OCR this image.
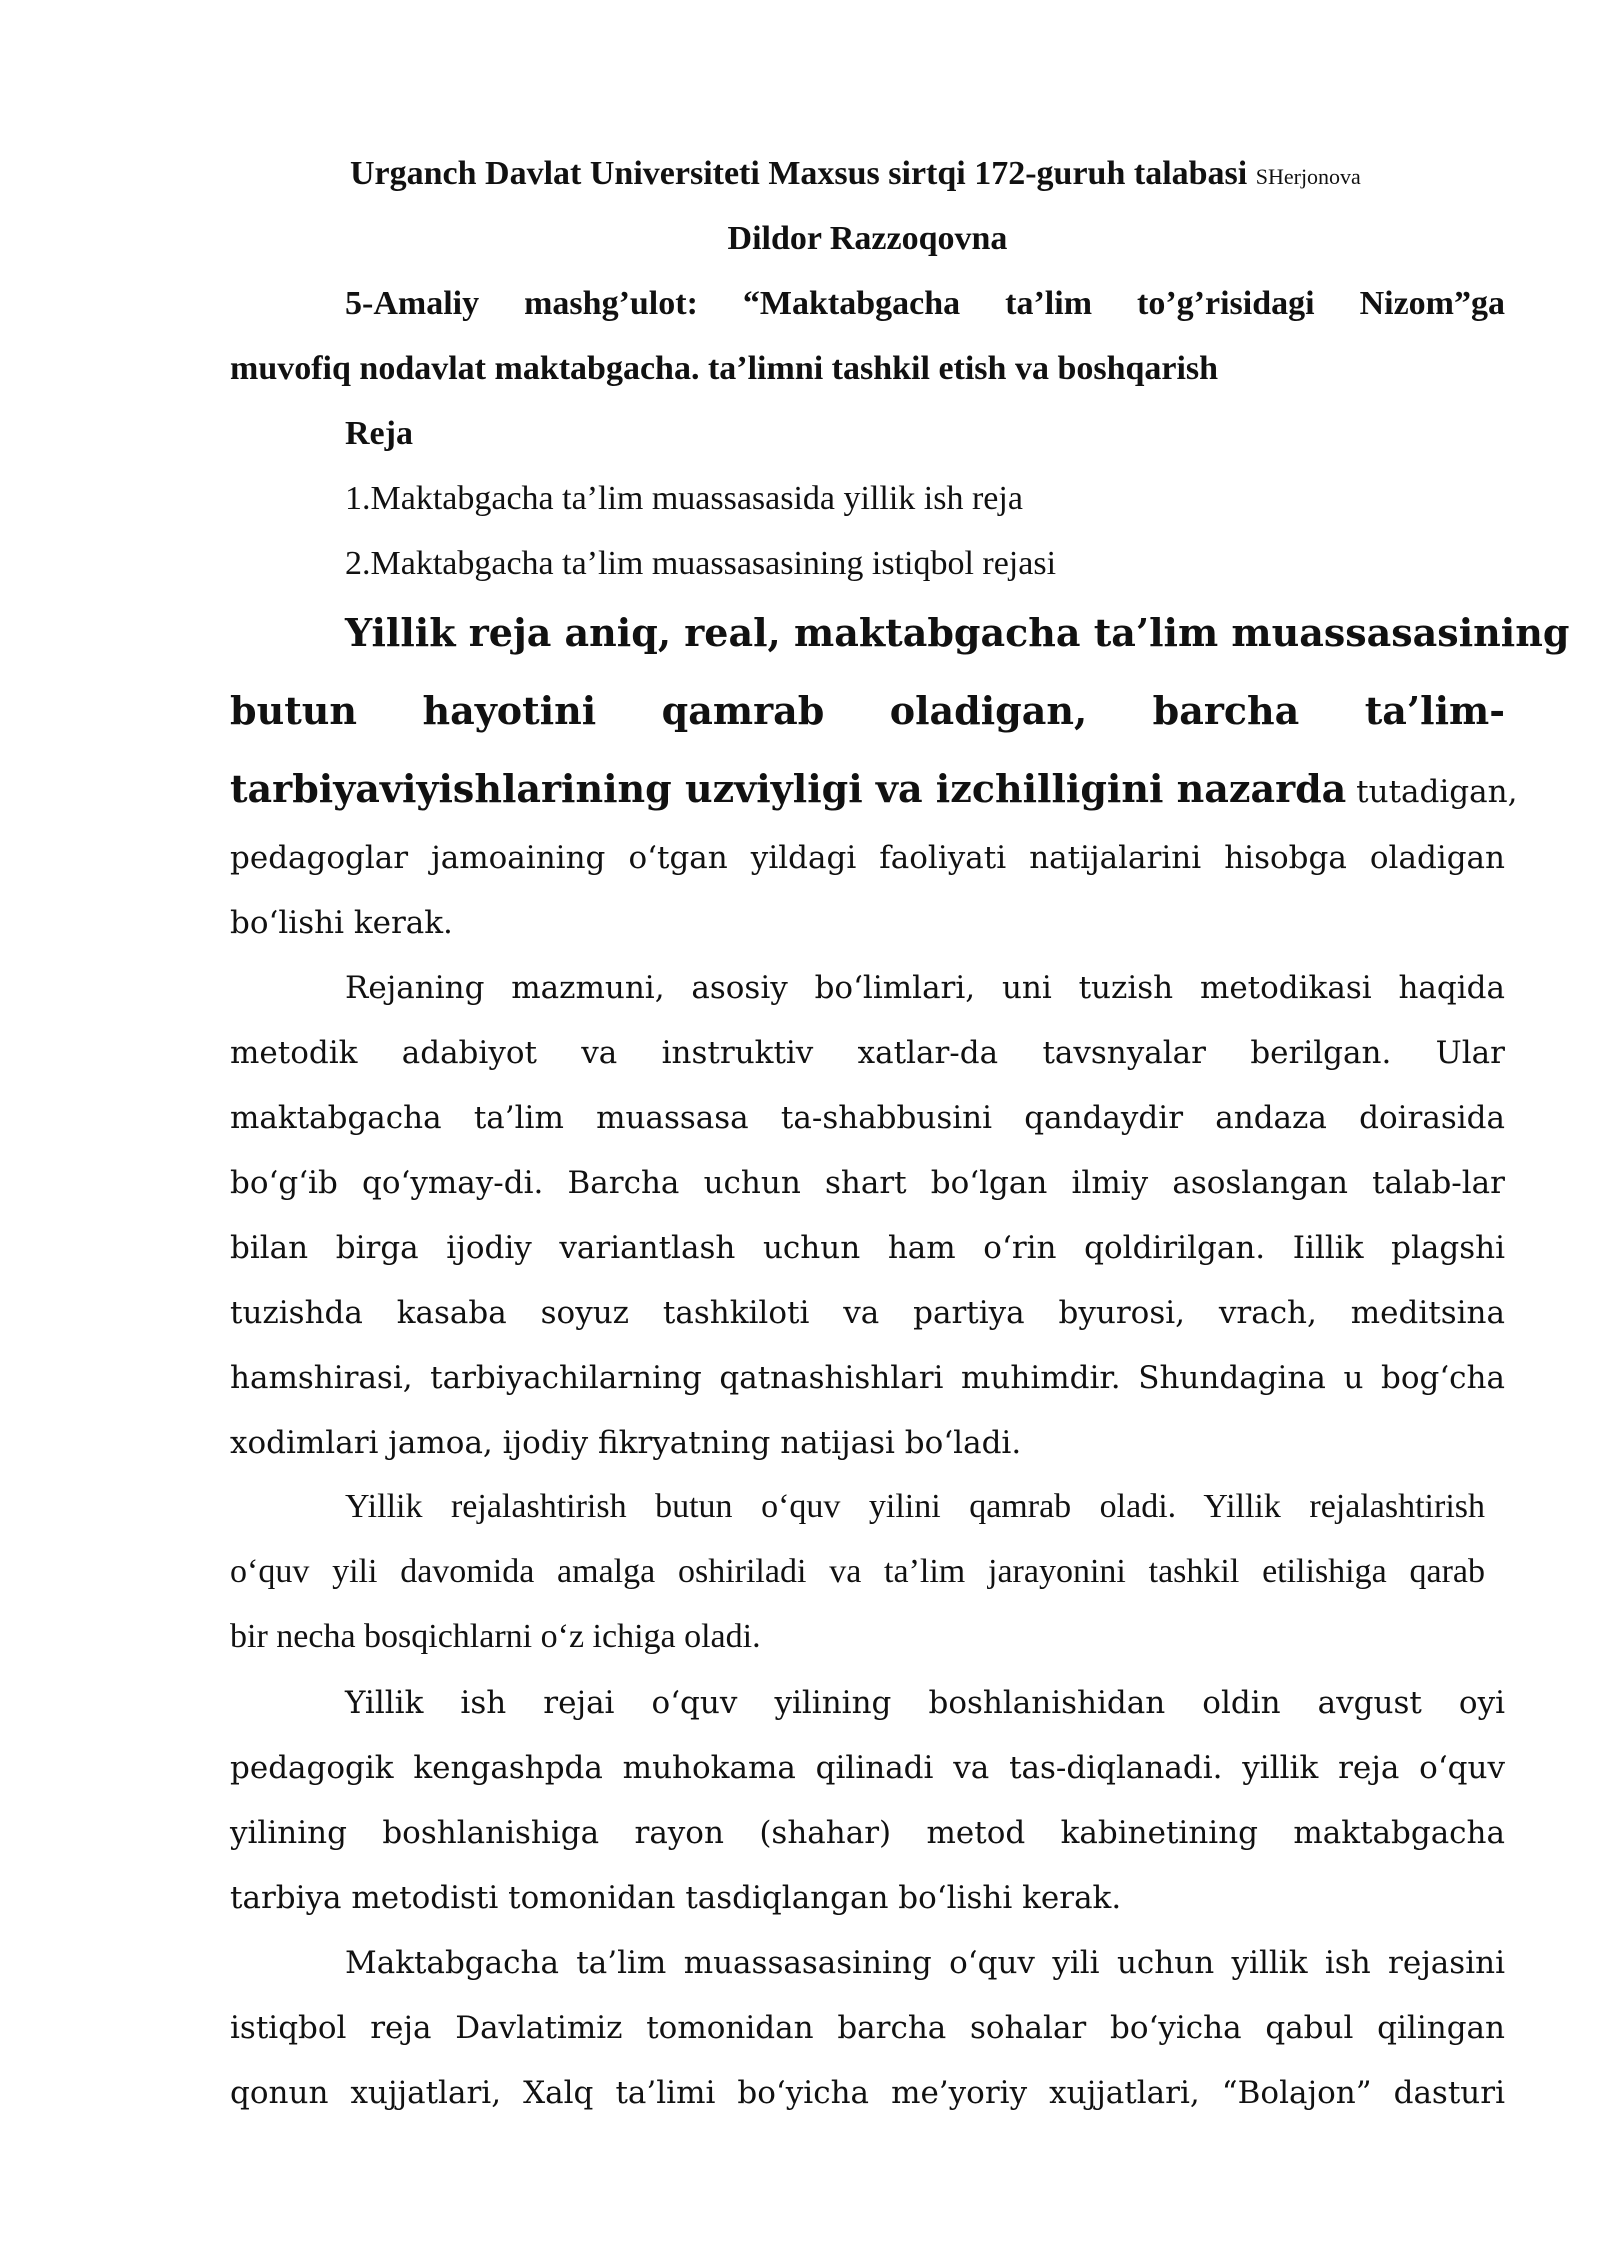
Urganch Davlat Universiteti Maxsus sirtqi 172-guruh talabasi SHerjonova
Dildor Razzoqovna
5-Amaliy mashg’ulot: “Maktabgacha ta’lim to’g’risidagi Nizom”ga
muvofiq nodavlat maktabgacha. ta’limni tashkil etish va boshqarish
Reja
1.Maktabgacha ta’lim muassasasida yillik ish reja
2.Maktabgacha ta’lim muassasasining istiqbol rejasi
Yillik reja aniq, real, maktabgacha ta’lim muassasasining
butun hayotini qamrab oladigan, barcha ta’lim-
tarbiyaviyishlarining uzviyligi va izchilligini nazarda tutadigan,
pedagoglar jamoaining o‘tgan yildagi faoliyati natijalarini hisobga oladigan
bo‘lishi kerak.
Rejaning mazmuni, asosiy bo‘limlari, uni tuzish metodikasi haqida
metodik adabiyot va instruktiv xatlar-da tavsnyalar berilgan. Ular
maktabgacha ta’lim muassasa ta-shabbusini qandaydir andaza doirasida
bo‘g‘ib qo‘ymay-di. Barcha uchun shart bo‘lgan ilmiy asoslangan talab-lar
bilan birga ijodiy variantlash uchun ham o‘rin qoldirilgan. Iillik plagshi
tuzishda kasaba soyuz tashkiloti va partiya byurosi, vrach, meditsina
hamshirasi, tarbiyachilarning qatnashishlari muhimdir. Shundagina u bog‘cha
xodimlari jamoa, ijodiy fikryatning natijasi bo‘ladi.
Yillik rejalashtirish butun o‘quv yilini qamrab oladi. Yillik rejalashtirish
o‘quv yili davomida amalga oshiriladi va ta’lim jarayonini tashkil etilishiga qarab
bir necha bosqichlarni o‘z ichiga oladi.
Yillik ish rejai o‘quv yilining boshlanishidan oldin avgust oyi
pedagogik kengashpda muhokama qilinadi va tas-diqlanadi. yillik reja o‘quv
yilining boshlanishiga rayon (shahar) metod kabinetining maktabgacha
tarbiya metodisti tomonidan tasdiqlangan bo‘lishi kerak.
Maktabgacha ta’lim muassasasining o‘quv yili uchun yillik ish rejasini
istiqbol reja Davlatimiz tomonidan barcha sohalar bo‘yicha qabul qilingan
qonun xujjatlari, Xalq ta’limi bo‘yicha me’yoriy xujjatlari, “Bolajon” dasturi
